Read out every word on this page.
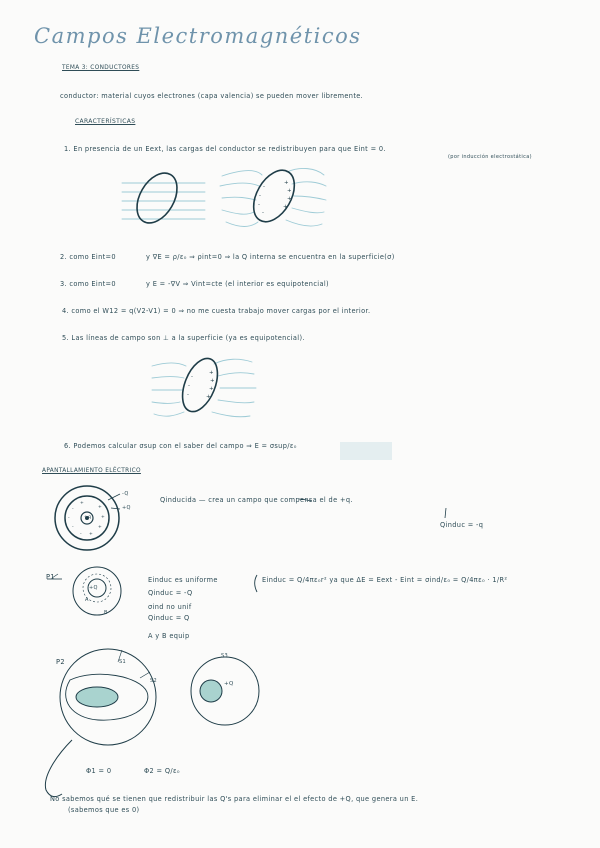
+
+
+
+
-
-
-
-
+
+
+
+
-
-
-
-
-
-
-
+
+
+
+
+
Campos Electromagnéticos
TEMA 3: CONDUCTORES
conductor: material cuyos electrones (capa valencia) se pueden mover libremente.
CARACTERÍSTICAS
1. En presencia de un Eext, las cargas del conductor se redistribuyen para que Eint = 0.
(por inducción electrostática)
2. como Eint=0	y ∇E = ρ/ε₀ ⇒ ρint=0 ⇒ la Q interna se encuentra en la superficie(σ)
3. como Eint=0	y E = -∇V ⇒ Vint=cte (el interior es equipotencial)
4. como el W12 = q(V2-V1) = 0 ⇒ no me cuesta trabajo mover cargas por el interior.
5. Las líneas de campo son ⊥ a la superficie (ya es equipotencial).
6. Podemos calcular σsup con el saber del campo ⇒ E = σsup/ε₀
APANTALLAMIENTO ELÉCTRICO
-Q
+Q
+q
Qinducida — crea un campo que compensa el de +q.
Qinduc = -q
P1
+Q
A
B
Einduc es uniforme	Einduc = Q/4πε₀r² ya que ΔE = Eext - Eint = σind/ε₀ = Q/4πε₀ · 1/R²
Qinduc = -Q
σind no unif
Qinduc = Q
A y B equip
P2	S1
S2
S3
+Q
Φ1 = 0	Φ2 = Q/ε₀
No sabemos qué se tienen que redistribuir las Q's para eliminar el el efecto de +Q, que genera un E.
(sabemos que es 0)
